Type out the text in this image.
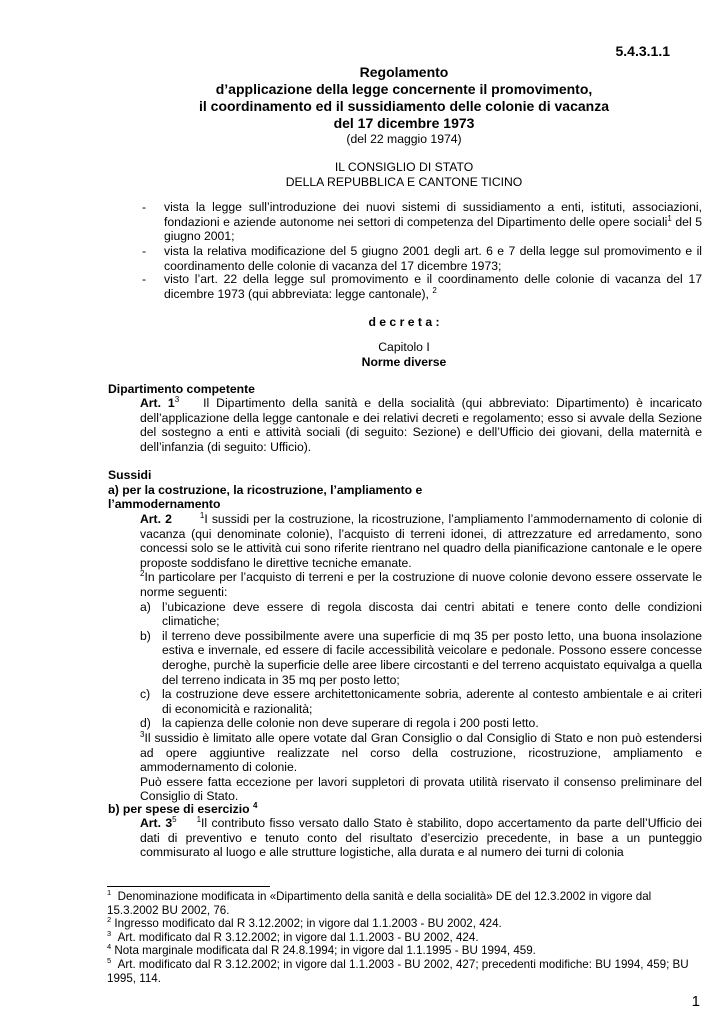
5.4.3.1.1
Regolamento
d’applicazione della legge concernente il promovimento,
il coordinamento ed il sussidiamento delle colonie di vacanza
del 17 dicembre 1973
(del 22 maggio 1974)
IL CONSIGLIO DI STATO
DELLA REPUBBLICA E CANTONE TICINO
- vista la legge sull’introduzione dei nuovi sistemi di sussidiamento a enti, istituti, associazioni, fondazioni e aziende autonome nei settori di competenza del Dipartimento delle opere sociali$^1$ del 5 giugno 2001;
- vista la relativa modificazione del 5 giugno 2001 degli art. 6 e 7 della legge sul promovimento e il coordinamento delle colonie di vacanza del 17 dicembre 1973;
- visto l’art. 22 della legge sul promovimento e il coordinamento delle colonie di vacanza del 17 dicembre 1973 (qui abbreviata: legge cantonale), $^2$
d e c r e t a :
Capitolo I
Norme diverse
Dipartimento competente
Art. $1^3$ Il Dipartimento della sanità e della socialità (qui abbreviato: Dipartimento) è incaricato dell’applicazione della legge cantonale e dei relativi decreti e regolamento; esso si avvale della Sezione del sostegno a enti e attività sociali (di seguito: Sezione) e dell’Ufficio dei giovani, della maternità e dell’infanzia (di seguito: Ufficio).
Sussidi
a) per la costruzione, la ricostruzione, l’ampliamento e
l’ammodernamento
Art. 2	$^1$I sussidi per la costruzione, la ricostruzione, l’ampliamento l’ammodernamento di colonie di vacanza (qui denominate colonie), l’acquisto di terreni idonei, di attrezzature ed arredamento, sono concessi solo se le attività cui sono riferite rientrano nel quadro della pianificazione cantonale e le opere proposte soddisfano le direttive tecniche emanate.
$^2$In particolare per l’acquisto di terreni e per la costruzione di nuove colonie devono essere osservate le norme seguenti:
a) l’ubicazione deve essere di regola discosta dai centri abitati e tenere conto delle condizioni climatiche;
b) il terreno deve possibilmente avere una superficie di mq 35 per posto letto, una buona insolazione estiva e invernale, ed essere di facile accessibilità veicolare e pedonale. Possono essere concesse deroghe, purchè la superficie delle aree libere circostanti e del terreno acquistato equivalga a quella del terreno indicata in 35 mq per posto letto;
c) la costruzione deve essere architettonicamente sobria, aderente al contesto ambientale e ai criteri di economicità e razionalità;
d) la capienza delle colonie non deve superare di regola i 200 posti letto.
$^3$Il sussidio è limitato alle opere votate dal Gran Consiglio o dal Consiglio di Stato e non può estendersi ad opere aggiuntive realizzate nel corso della costruzione, ricostruzione, ampliamento e ammodernamento di colonie.
Può essere fatta eccezione per lavori suppletori di provata utilità riservato il consenso preliminare del Consiglio di Stato.
b) per spese di esercizio $^4$
Art. $3^5$	$^1$Il contributo fisso versato dallo Stato è stabilito, dopo accertamento da parte dell’Ufficio dei dati di preventivo e tenuto conto del risultato d’esercizio precedente, in base a un punteggio commisurato al luogo e alle strutture logistiche, alla durata e al numero dei turni di colonia
$^1$ Denominazione modificata in «Dipartimento della sanità e della socialità» DE del 12.3.2002 in vigore dal 15.3.2002 BU 2002, 76.
$^2$ Ingresso modificato dal R 3.12.2002; in vigore dal 1.1.2003 - BU 2002, 424.
$^3$ Art. modificato dal R 3.12.2002; in vigore dal 1.1.2003 - BU 2002, 424.
$^4$ Nota marginale modificata dal R 24.8.1994; in vigore dal 1.1.1995 - BU 1994, 459.
$^5$ Art. modificato dal R 3.12.2002; in vigore dal 1.1.2003 - BU 2002, 427; precedenti modifiche: BU 1994, 459; BU 1995, 114.
1
